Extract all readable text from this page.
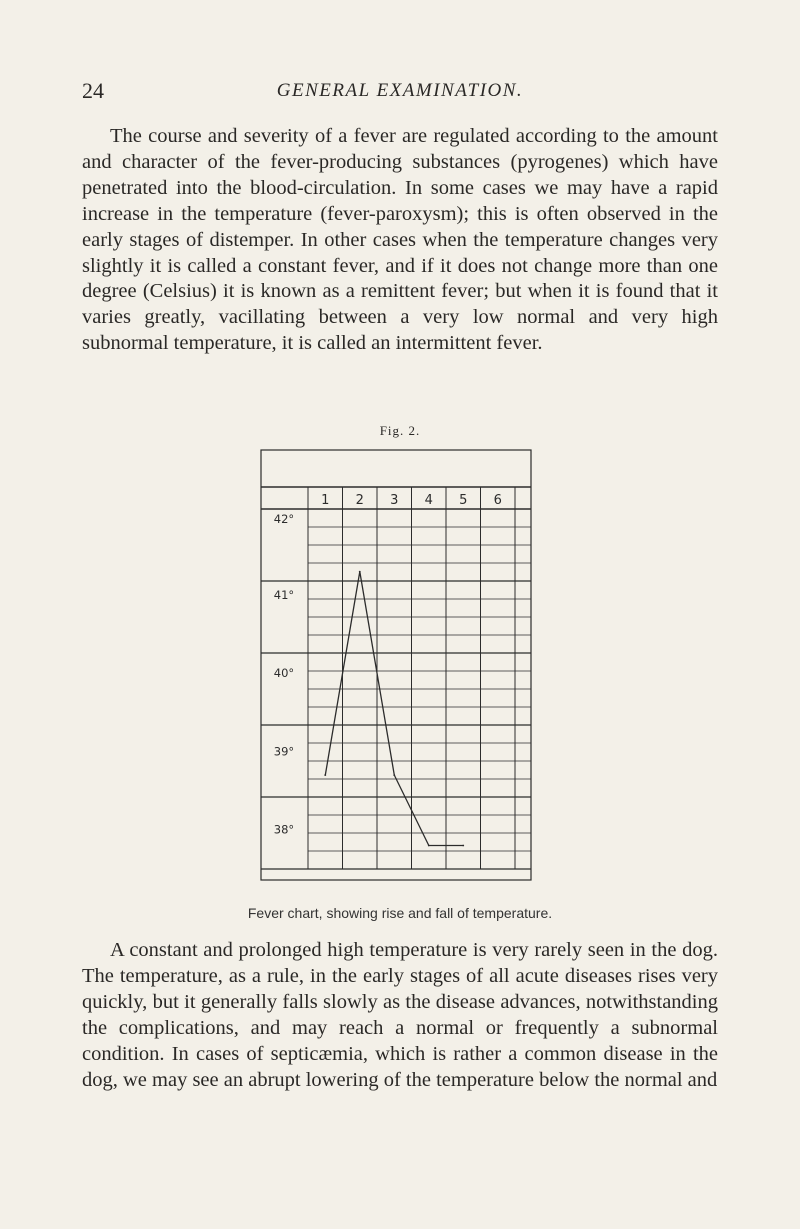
24	GENERAL EXAMINATION.

The course and severity of a fever are regulated according to the amount and character of the fever-producing substances (pyrogenes) which have penetrated into the blood-circulation. In some cases we may have a rapid increase in the temperature (fever-paroxysm); this is often observed in the early stages of distemper. In other cases when the temperature changes very slightly it is called a constant fever, and if it does not change more than one degree (Celsius) it is known as a remittent fever; but when it is found that it varies greatly, vacillating between a very low normal and very high subnormal temperature, it is called an intermittent fever.

Fig. 2.
1 2 3 4 5 6
42°
41°
40°
39°
38°
Fever chart, showing rise and fall of temperature.

A constant and prolonged high temperature is very rarely seen in the dog. The temperature, as a rule, in the early stages of all acute diseases rises very quickly, but it generally falls slowly as the disease advances, notwithstanding the complications, and may reach a normal or frequently a subnormal condition. In cases of septicæmia, which is rather a common disease in the dog, we may see an abrupt lowering of the temperature below the normal and
